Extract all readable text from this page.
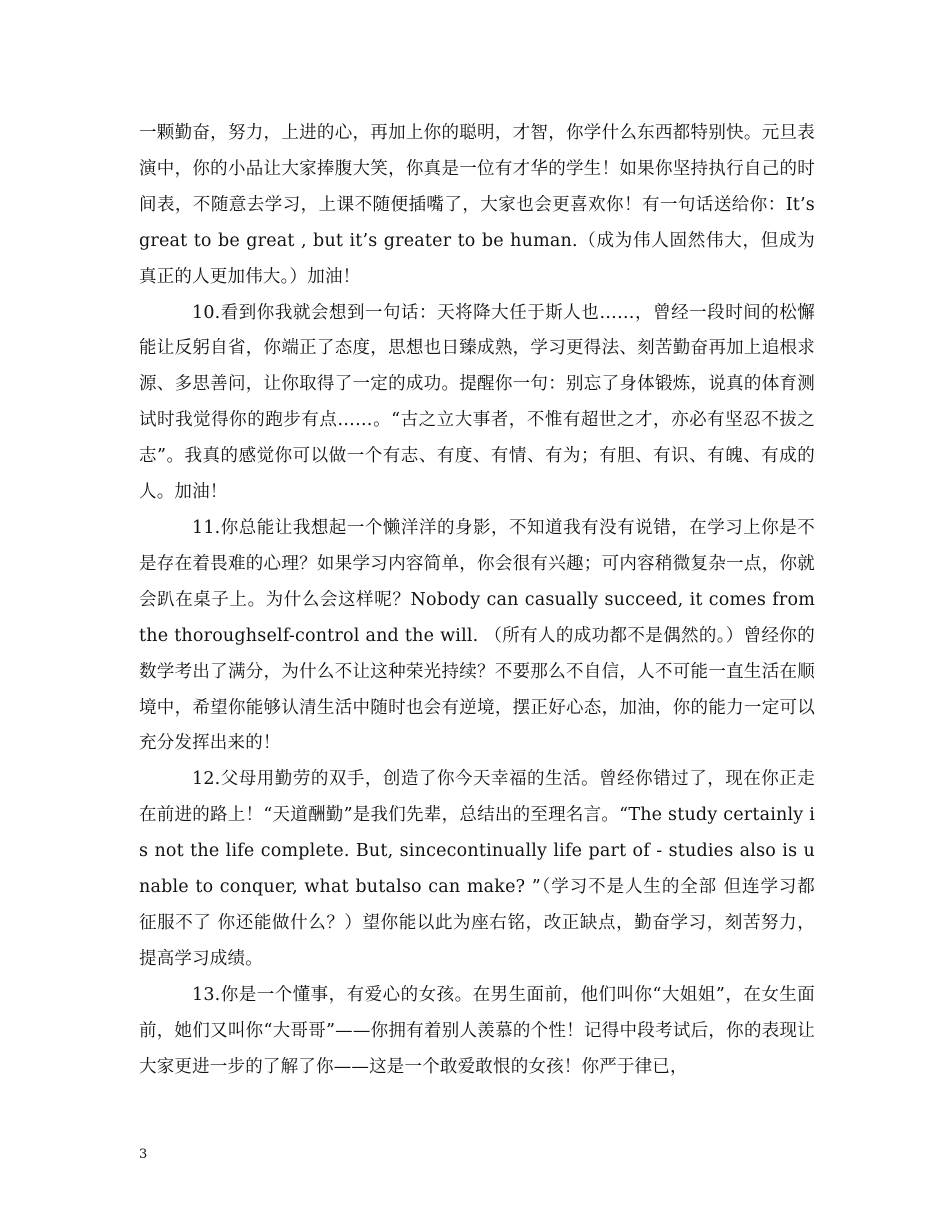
一颗勤奋，努力，上进的心，再加上你的聪明，才智，你学什么东西都特别快。元旦表演中，你的小品让大家捧腹大笑，你真是一位有才华的学生！如果你坚持执行自己的时间表，不随意去学习，上课不随便插嘴了，大家也会更喜欢你！有一句话送给你：It’s great to be great , but it’s greater to be human.（成为伟人固然伟大，但成为真正的人更加伟大。）加油！

10.看到你我就会想到一句话：天将降大任于斯人也……，曾经一段时间的松懈能让反躬自省，你端正了态度，思想也日臻成熟，学习更得法、刻苦勤奋再加上追根求源、多思善问，让你取得了一定的成功。提醒你一句：别忘了身体锻炼，说真的体育测试时我觉得你的跑步有点……。“古之立大事者，不惟有超世之才，亦必有坚忍不拔之志”。我真的感觉你可以做一个有志、有度、有情、有为；有胆、有识、有魄、有成的人。加油！

11.你总能让我想起一个懒洋洋的身影，不知道我有没有说错，在学习上你是不是存在着畏难的心理？如果学习内容简单，你会很有兴趣；可内容稍微复杂一点，你就会趴在桌子上。为什么会这样呢？Nobody can casually succeed, it comes from the thoroughself-control and the will. （所有人的成功都不是偶然的。）曾经你的数学考出了满分，为什么不让这种荣光持续？不要那么不自信，人不可能一直生活在顺境中，希望你能够认清生活中随时也会有逆境，摆正好心态，加油，你的能力一定可以充分发挥出来的！

12.父母用勤劳的双手，创造了你今天幸福的生活。曾经你错过了，现在你正走在前进的路上！“天道酬勤”是我们先辈，总结出的至理名言。“The study certainly is not the life complete. But, sincecontinually life part of - studies also is unable to conquer, what butalso can make? ”（学习不是人生的全部 但连学习都征服不了 你还能做什么？）望你能以此为座右铭，改正缺点，勤奋学习，刻苦努力，提高学习成绩。

13.你是一个懂事，有爱心的女孩。在男生面前，他们叫你“大姐姐”，在女生面前，她们又叫你“大哥哥”——你拥有着别人羡慕的个性！记得中段考试后，你的表现让大家更进一步的了解了你——这是一个敢爱敢恨的女孩！你严于律已，

3
